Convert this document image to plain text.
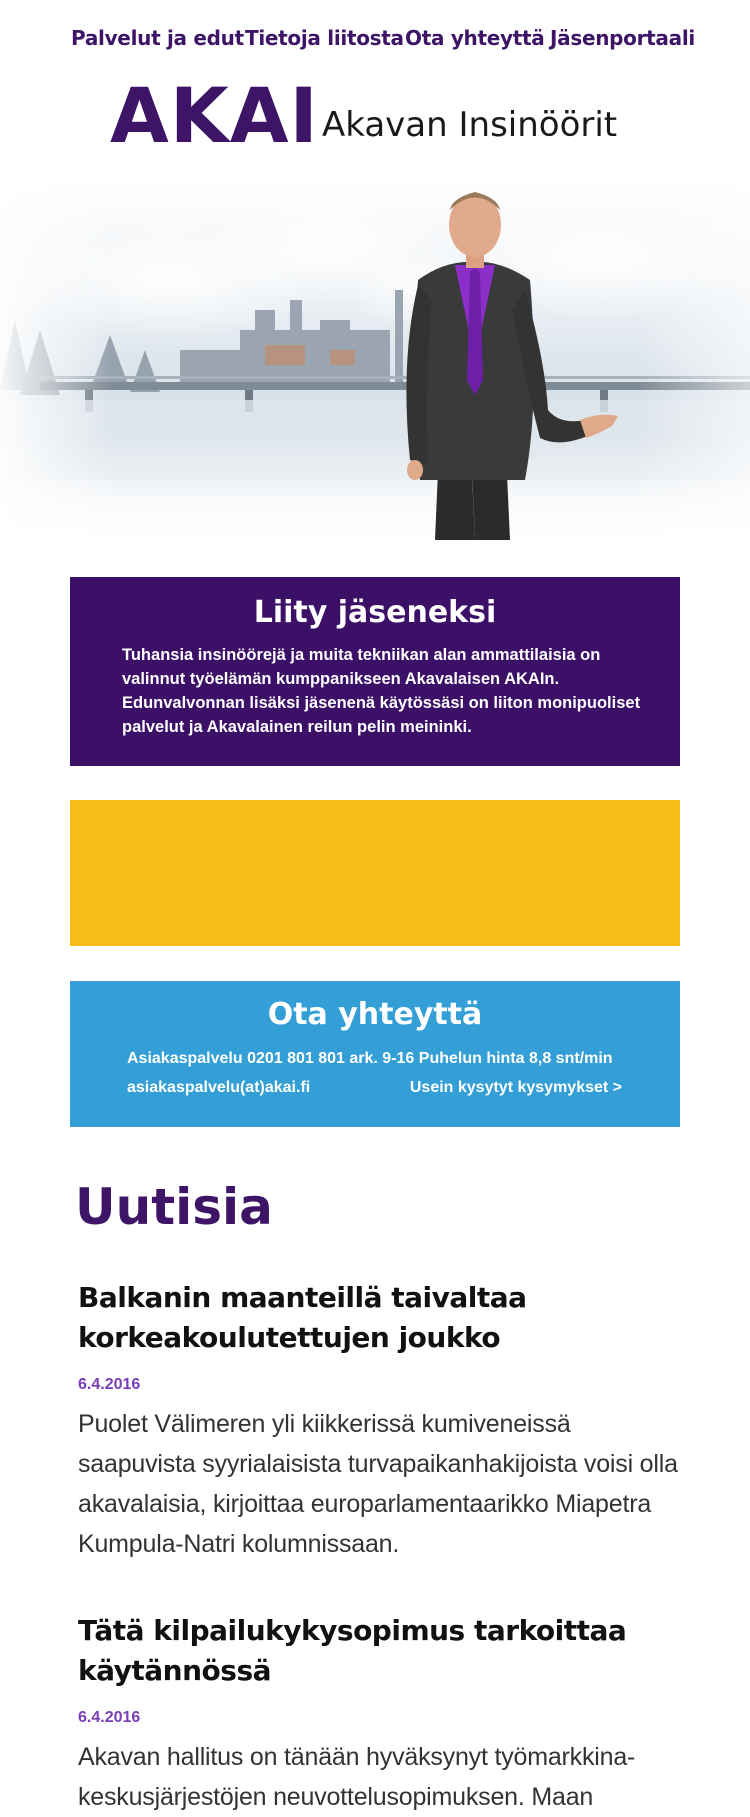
Palvelut ja edut Tietoja liitosta Ota yhteyttä Jäsenportaali
AKAI Akavan Insinöörit
Liity jäseneksi

Tuhansia insinöörejä ja muita tekniikan alan ammattilaisia on valinnut työelämän kumppanikseen Akavalaisen AKAIn. Edunvalvonnan lisäksi jäsenenä käytössäsi on liiton monipuoliset palvelut ja Akavalainen reilun pelin meininki.

Ota yhteyttä
Asiakaspalvelu 0201 801 801 ark. 9-16 Puhelun hinta 8,8 snt/min
asiakaspalvelu(at)akai.fi	Usein kysytyt kysymykset >
Uutisia
Balkanin maanteillä taivaltaa korkeakoulutettujen joukko
6.4.2016

Puolet Välimeren yli kiikkerissä kumiveneissä saapuvista syyrialaisista turvapaikanhakijoista voisi olla akavalaisia, kirjoittaa europarlamentaarikko Miapetra Kumpula-Natri kolumnissaan.

Tätä kilpailukykysopimus tarkoittaa käytännössä
6.4.2016

Akavan hallitus on tänään hyväksynyt työmarkkinakeskusjärjestöjen neuvottelusopimuksen. Maan
